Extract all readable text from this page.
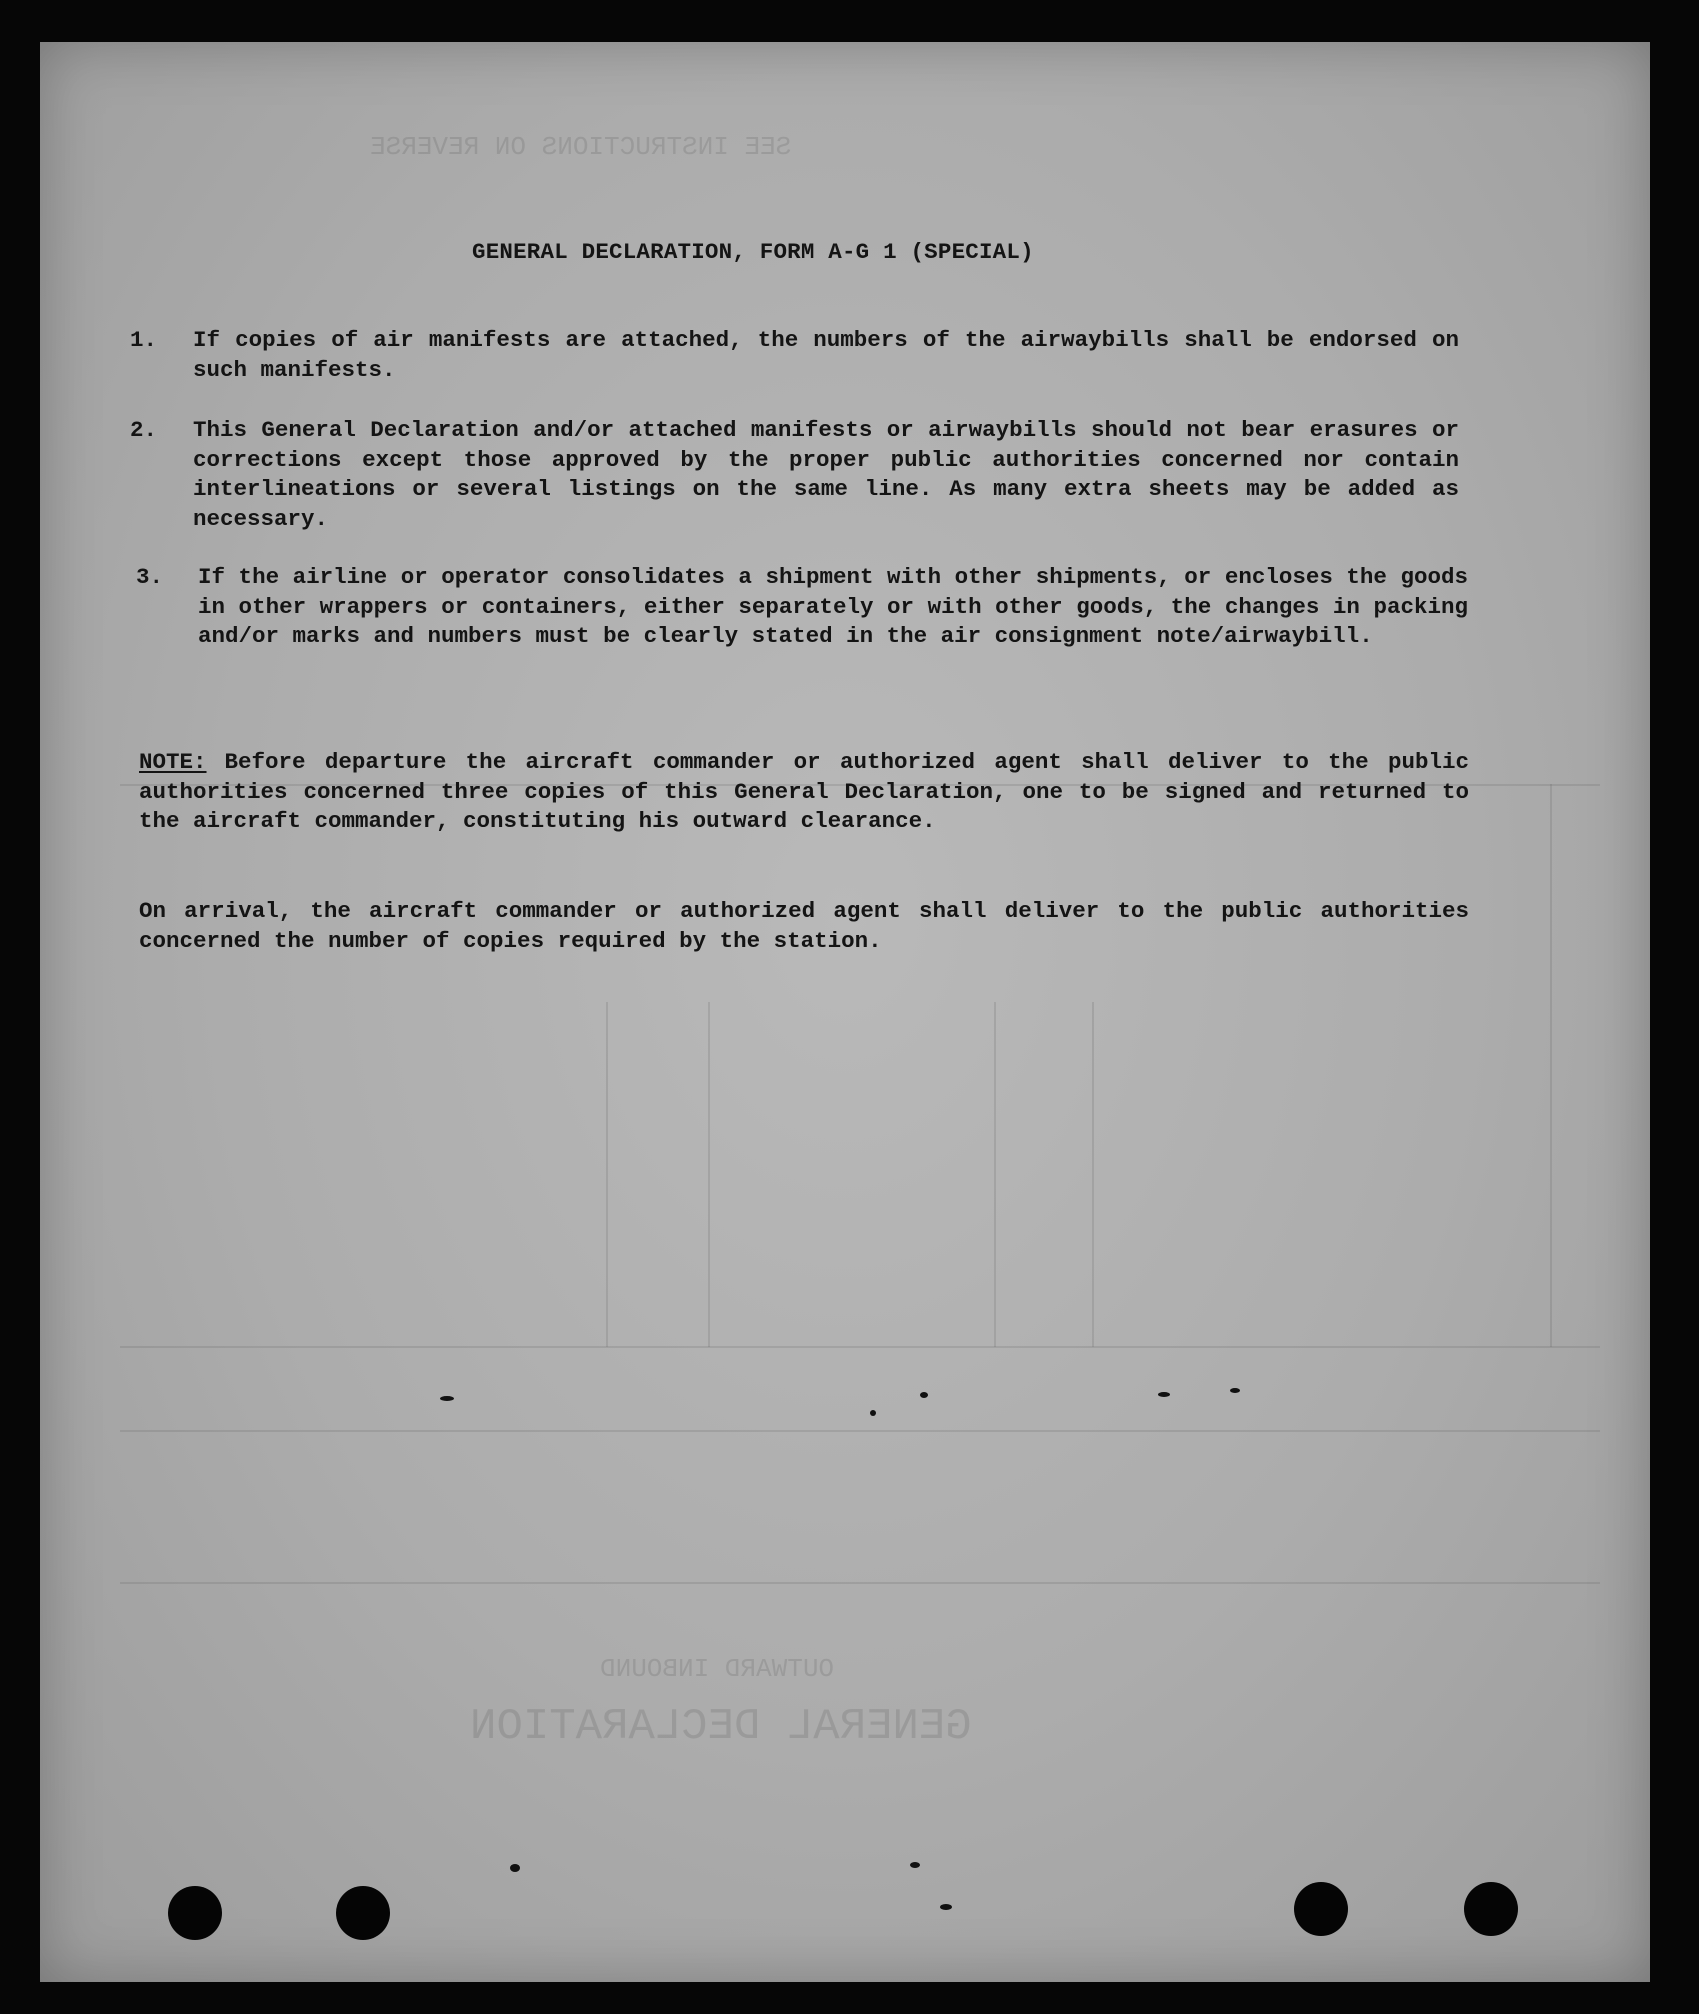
GENERAL DECLARATION
OUTWARD INBOUND
SEE INSTRUCTIONS ON REVERSE
GENERAL DECLARATION, FORM A-G 1 (SPECIAL)
1.	If copies of air manifests are attached, the numbers of the airwaybills shall be endorsed on such manifests.
2.	This General Declaration and/or attached manifests or airwaybills should not bear erasures or corrections except those approved by the proper public authorities concerned nor contain interlineations or several listings on the same line. As many extra sheets may be added as necessary.
3.	If the airline or operator consolidates a shipment with other shipments, or encloses the goods in other wrappers or containers, either separately or with other goods, the changes in packing and/or marks and numbers must be clearly stated in the air consignment note/airwaybill.
NOTE: Before departure the aircraft commander or authorized agent shall deliver to the public authorities concerned three copies of this General Declaration, one to be signed and returned to the aircraft commander, constituting his outward clearance.
On arrival, the aircraft commander or authorized agent shall deliver to the public authorities concerned the number of copies required by the station.
